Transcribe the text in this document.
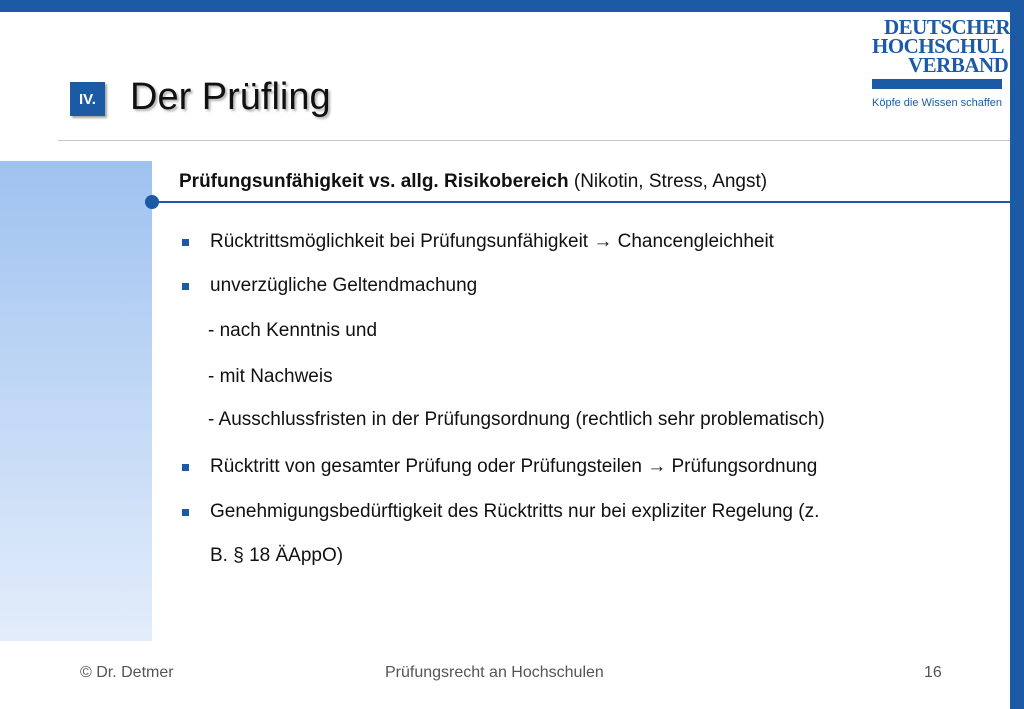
IV. Der Prüfling
DEUTSCHER
HOCHSCHUL
VERBAND
Köpfe die Wissen schaffen
Prüfungsunfähigkeit vs. allg. Risikobereich (Nikotin, Stress, Angst)
Rücktrittsmöglichkeit bei Prüfungsunfähigkeit → Chancengleichheit
unverzügliche Geltendmachung
- nach Kenntnis und
- mit Nachweis
- Ausschlussfristen in der Prüfungsordnung (rechtlich sehr problematisch)
Rücktritt von gesamter Prüfung oder Prüfungsteilen → Prüfungsordnung
Genehmigungsbedürftigkeit des Rücktritts nur bei expliziter Regelung (z.
B. § 18 ÄAppO)
© Dr. Detmer	Prüfungsrecht an Hochschulen	16
